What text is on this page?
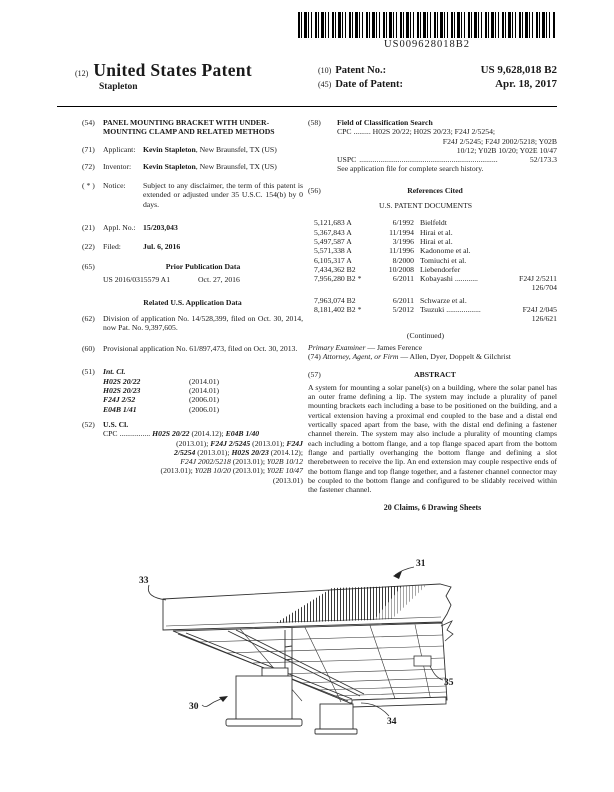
US009628018B2
(12) United States Patent
Stapleton
(10) Patent No.:	US 9,628,018 B2
(45) Date of Patent:	Apr. 18, 2017
(54)	PANEL MOUNTING BRACKET WITH UNDER-MOUNTING CLAMP AND RELATED METHODS
(71)	Applicant: Kevin Stapleton, New Braunsfel, TX (US)
(72)	Inventor:	Kevin Stapleton, New Braunsfel, TX (US)
( * )	Notice:	Subject to any disclaimer, the term of this patent is extended or adjusted under 35 U.S.C. 154(b) by 0 days.
(21)	Appl. No.: 15/203,043
(22)	Filed:	Jul. 6, 2016
(65)	Prior Publication Data
US 2016/0315579 A1	Oct. 27, 2016
Related U.S. Application Data
(62)	Division of application No. 14/528,399, filed on Oct. 30, 2014, now Pat. No. 9,397,605.
(60)	Provisional application No. 61/897,473, filed on Oct. 30, 2013.
(51)	Int. Cl.
H02S 20/22	(2014.01)
H02S 20/23	(2014.01)
F24J 2/52	(2006.01)
E04B 1/41	(2006.01)
(52)	U.S. Cl.
CPC ................ H02S 20/22 (2014.12); E04B 1/40
(2013.01); F24J 2/5245 (2013.01); F24J
2/5254 (2013.01); H02S 20/23 (2014.12);
F24J 2002/5218 (2013.01); Y02B 10/12
(2013.01); Y02B 10/20 (2013.01); Y02E 10/47
(2013.01)
(58)	Field of Classification Search
CPC ......... H02S 20/22; H02S 20/23; F24J 2/5254;
F24J 2/5245; F24J 2002/5218; Y02B
10/12; Y02B 10/20; Y02E 10/47
USPC ........................................................................	52/173.3
See application file for complete search history.
(56)	References Cited
U.S. PATENT DOCUMENTS
5,121,683 A	6/1992 Bielfeldt
5,367,843 A	11/1994 Hirai et al.
5,497,587 A	3/1996 Hirai et al.
5,571,338 A	11/1996 Kadonome et al.
6,105,317 A	8/2000 Tomiuchi et al.
7,434,362 B2	10/2008 Liebendorfer
7,956,280 B2 *	6/2011 Kobayashi ............	F24J 2/5211
126/704
7,963,074 B2	6/2011 Schwarze et al.
8,181,402 B2 *	5/2012 Tsuzuki ..................	F24J 2/045
126/621
(Continued)
Primary Examiner — James Ference
(74) Attorney, Agent, or Firm — Allen, Dyer, Doppelt & Gilchrist
(57)	ABSTRACT
A system for mounting a solar panel(s) on a building, where the solar panel has an outer frame defining a lip. The system may include a plurality of panel mounting brackets each including a base to be positioned on the building, and a vertical extension having a proximal end coupled to the base and a distal end vertically spaced apart from the base, with the distal end defining a fastener channel therein. The system may also include a plurality of mounting clamps each including a bottom flange, and a top flange spaced apart from the bottom flange and partially overhanging the bottom flange and defining a slot therebetween to receive the lip. An end extension may couple respective ends of the bottom flange and top flange together, and a fastener channel connector may be coupled to the bottom flange and configured to be slidably received within the fastener channel.
20 Claims, 6 Drawing Sheets
33
31
35
30
34
